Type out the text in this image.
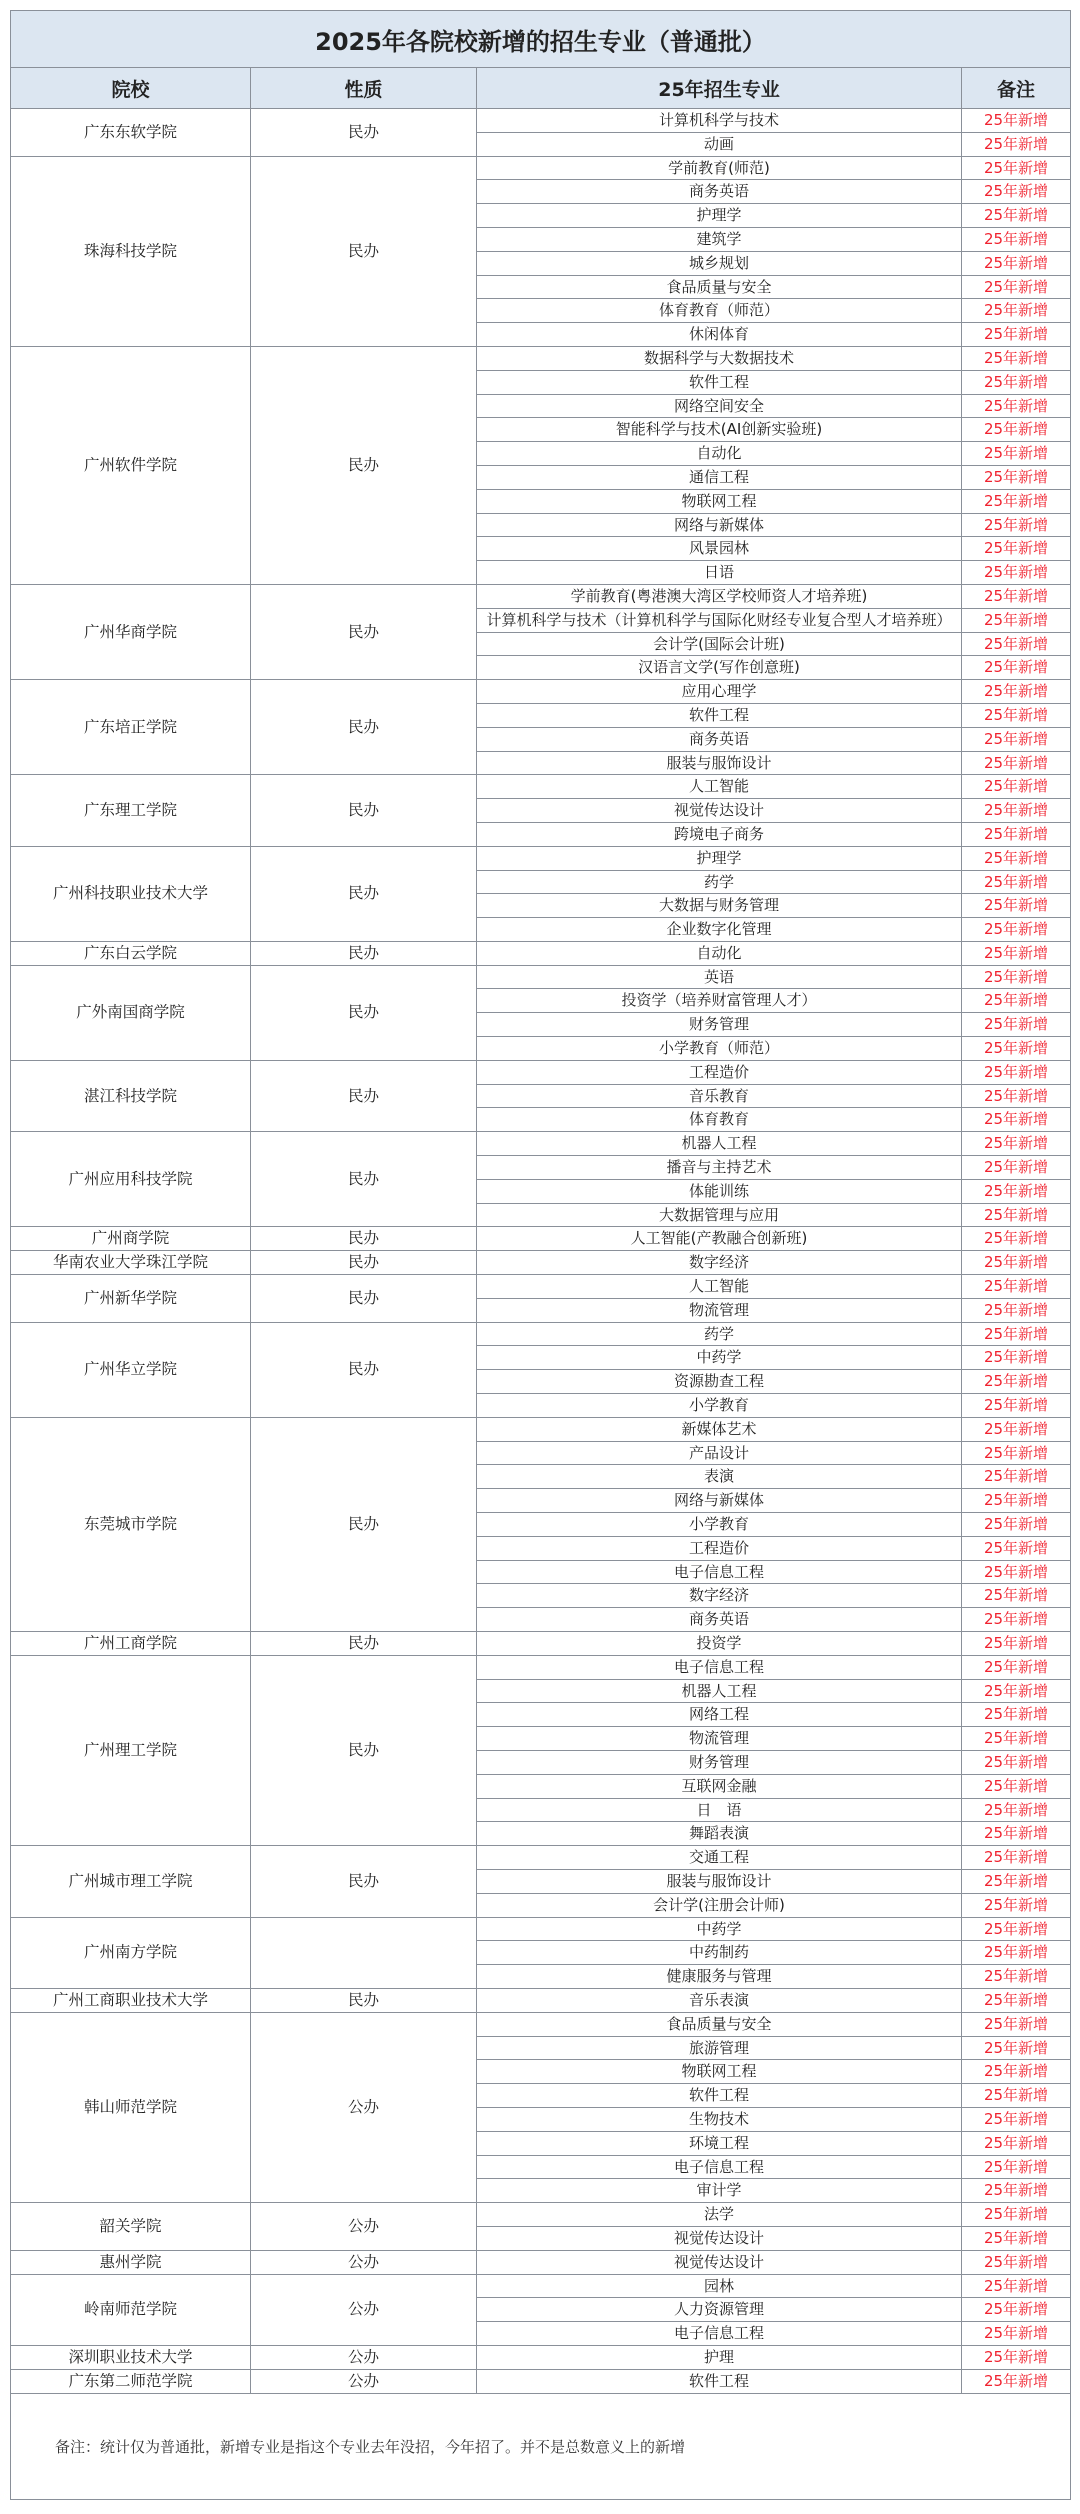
2025年各院校新增的招生专业（普通批）			
院校	性质	25年招生专业	备注
广东东软学院	民办	计算机科学与技术	25年新增
		动画	25年新增
珠海科技学院	民办	学前教育(师范)	25年新增
		商务英语	25年新增
		护理学	25年新增
		建筑学	25年新增
		城乡规划	25年新增
		食品质量与安全	25年新增
		体育教育（师范）	25年新增
		休闲体育	25年新增
广州软件学院	民办	数据科学与大数据技术	25年新增
		软件工程	25年新增
		网络空间安全	25年新增
		智能科学与技术(AI创新实验班)	25年新增
		自动化	25年新增
		通信工程	25年新增
		物联网工程	25年新增
		网络与新媒体	25年新增
		风景园林	25年新增
		日语	25年新增
广州华商学院	民办	学前教育(粤港澳大湾区学校师资人才培养班)	25年新增
		计算机科学与技术（计算机科学与国际化财经专业复合型人才培养班）	25年新增
		会计学(国际会计班)	25年新增
		汉语言文学(写作创意班)	25年新增
广东培正学院	民办	应用心理学	25年新增
		软件工程	25年新增
		商务英语	25年新增
		服装与服饰设计	25年新增
广东理工学院	民办	人工智能	25年新增
		视觉传达设计	25年新增
		跨境电子商务	25年新增
广州科技职业技术大学	民办	护理学	25年新增
		药学	25年新增
		大数据与财务管理	25年新增
		企业数字化管理	25年新增
广东白云学院	民办	自动化	25年新增
广外南国商学院	民办	英语	25年新增
		投资学（培养财富管理人才）	25年新增
		财务管理	25年新增
		小学教育（师范）	25年新增
湛江科技学院	民办	工程造价	25年新增
		音乐教育	25年新增
		体育教育	25年新增
广州应用科技学院	民办	机器人工程	25年新增
		播音与主持艺术	25年新增
		体能训练	25年新增
		大数据管理与应用	25年新增
广州商学院	民办	人工智能(产教融合创新班)	25年新增
华南农业大学珠江学院	民办	数字经济	25年新增
广州新华学院	民办	人工智能	25年新增
		物流管理	25年新增
广州华立学院	民办	药学	25年新增
		中药学	25年新增
		资源勘查工程	25年新增
		小学教育	25年新增
东莞城市学院	民办	新媒体艺术	25年新增
		产品设计	25年新增
		表演	25年新增
		网络与新媒体	25年新增
		小学教育	25年新增
		工程造价	25年新增
		电子信息工程	25年新增
		数字经济	25年新增
		商务英语	25年新增
广州工商学院	民办	投资学	25年新增
广州理工学院	民办	电子信息工程	25年新增
		机器人工程	25年新增
		网络工程	25年新增
		物流管理	25年新增
		财务管理	25年新增
		互联网金融	25年新增
		日　语	25年新增
		舞蹈表演	25年新增
广州城市理工学院	民办	交通工程	25年新增
		服装与服饰设计	25年新增
		会计学(注册会计师)	25年新增
广州南方学院		中药学	25年新增
		中药制药	25年新增
		健康服务与管理	25年新增
广州工商职业技术大学	民办	音乐表演	25年新增
韩山师范学院	公办	食品质量与安全	25年新增
		旅游管理	25年新增
		物联网工程	25年新增
		软件工程	25年新增
		生物技术	25年新增
		环境工程	25年新增
		电子信息工程	25年新增
		审计学	25年新增
韶关学院	公办	法学	25年新增
		视觉传达设计	25年新增
惠州学院	公办	视觉传达设计	25年新增
岭南师范学院	公办	园林	25年新增
		人力资源管理	25年新增
		电子信息工程	25年新增
深圳职业技术大学	公办	护理	25年新增
广东第二师范学院	公办	软件工程	25年新增
备注：统计仅为普通批，新增专业是指这个专业去年没招，今年招了。并不是总数意义上的新增			
